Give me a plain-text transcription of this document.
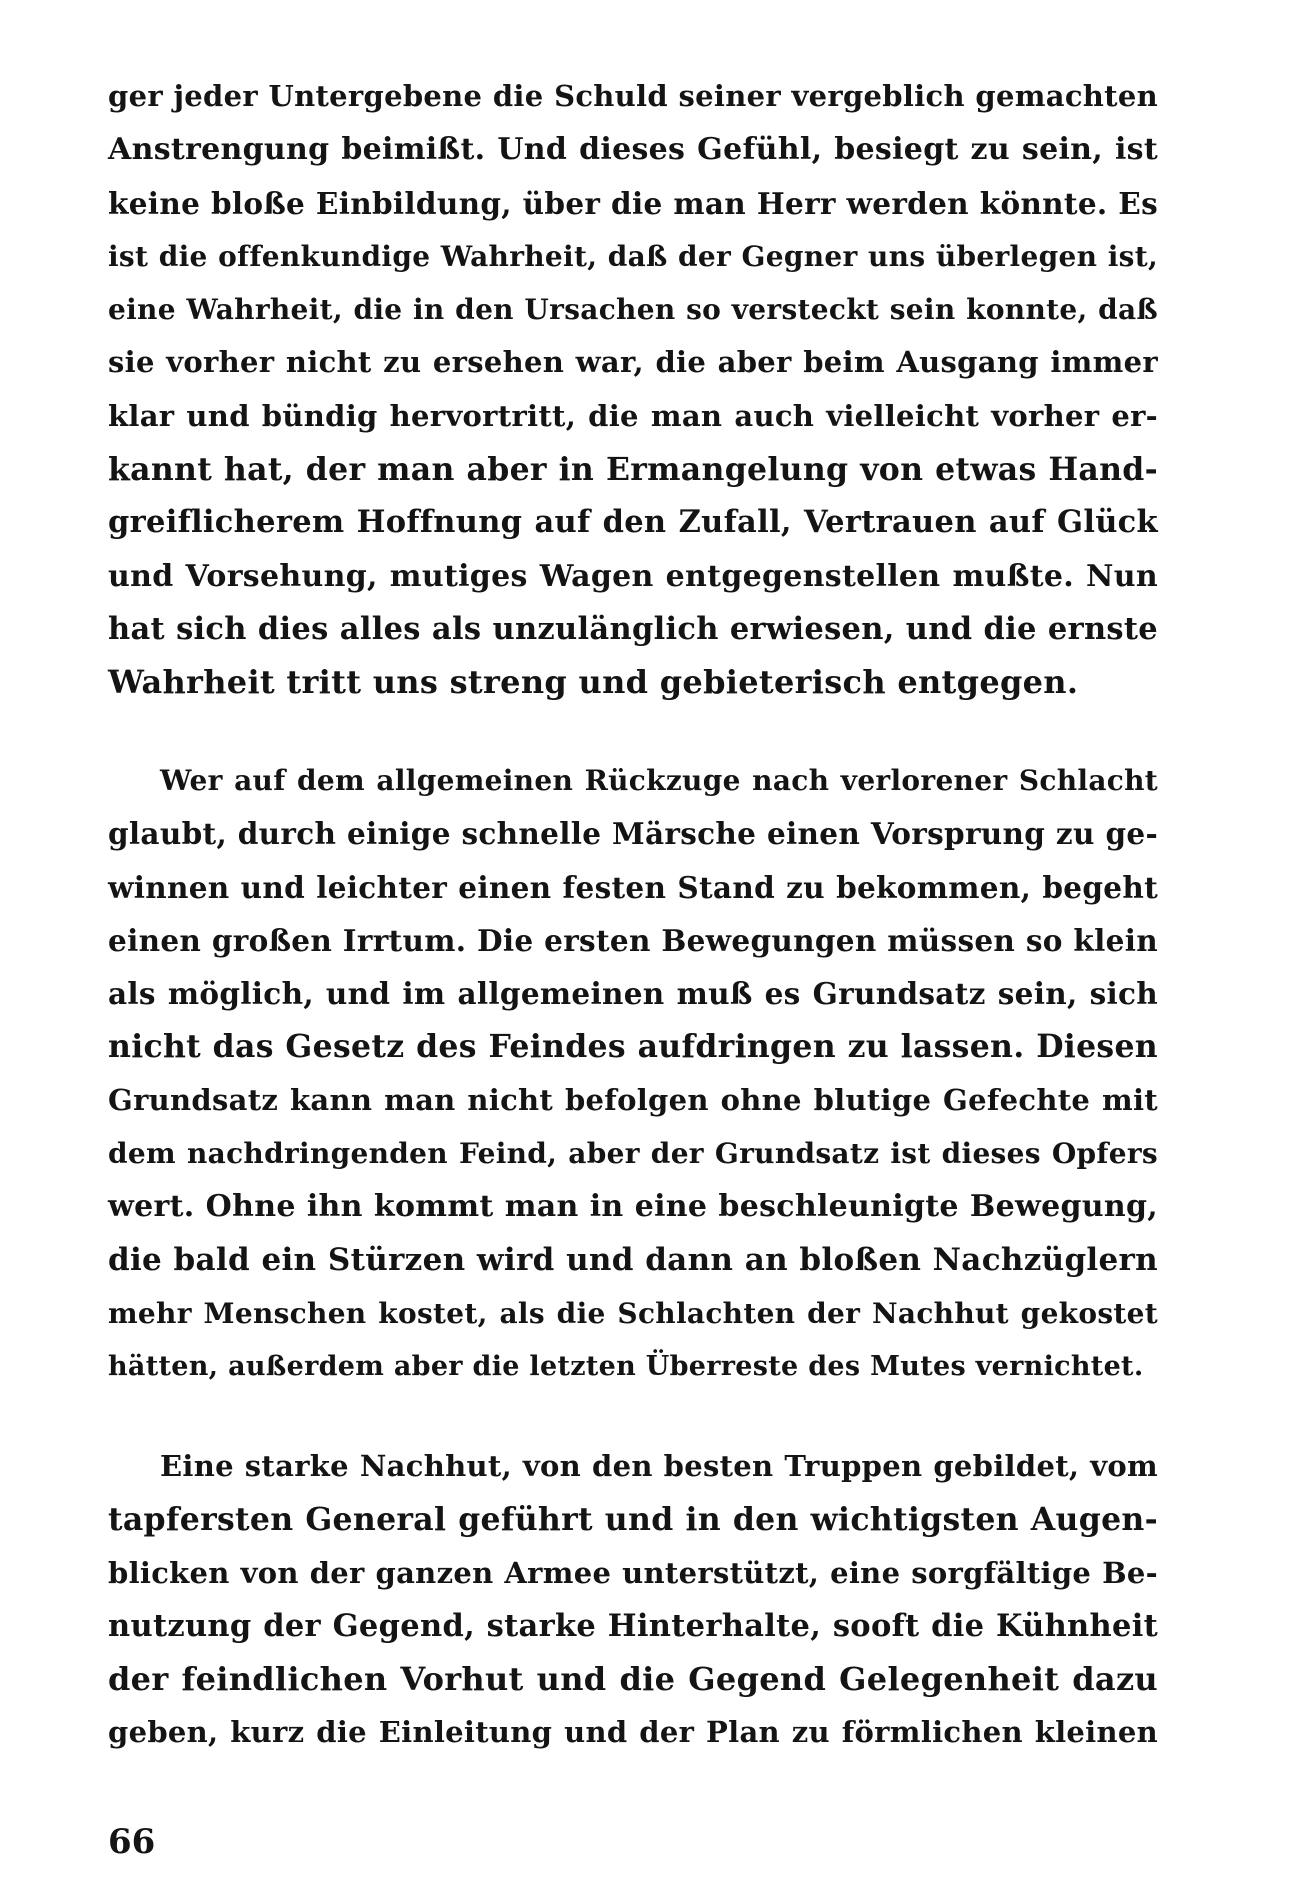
ger jeder Untergebene die Schuld seiner vergeblich gemachten
Anstrengung beimißt. Und dieses Gefühl, besiegt zu sein, ist
keine bloße Einbildung, über die man Herr werden könnte. Es
ist die offenkundige Wahrheit, daß der Gegner uns überlegen ist,
eine Wahrheit, die in den Ursachen so versteckt sein konnte, daß
sie vorher nicht zu ersehen war, die aber beim Ausgang immer
klar und bündig hervortritt, die man auch vielleicht vorher er-
kannt hat, der man aber in Ermangelung von etwas Hand-
greiflicherem Hoffnung auf den Zufall, Vertrauen auf Glück
und Vorsehung, mutiges Wagen entgegenstellen mußte. Nun
hat sich dies alles als unzulänglich erwiesen, und die ernste
Wahrheit tritt uns streng und gebieterisch entgegen.
Wer auf dem allgemeinen Rückzuge nach verlorener Schlacht
glaubt, durch einige schnelle Märsche einen Vorsprung zu ge-
winnen und leichter einen festen Stand zu bekommen, begeht
einen großen Irrtum. Die ersten Bewegungen müssen so klein
als möglich, und im allgemeinen muß es Grundsatz sein, sich
nicht das Gesetz des Feindes aufdringen zu lassen. Diesen
Grundsatz kann man nicht befolgen ohne blutige Gefechte mit
dem nachdringenden Feind, aber der Grundsatz ist dieses Opfers
wert. Ohne ihn kommt man in eine beschleunigte Bewegung,
die bald ein Stürzen wird und dann an bloßen Nachzüglern
mehr Menschen kostet, als die Schlachten der Nachhut gekostet
hätten, außerdem aber die letzten Überreste des Mutes vernichtet.
Eine starke Nachhut, von den besten Truppen gebildet, vom
tapfersten General geführt und in den wichtigsten Augen-
blicken von der ganzen Armee unterstützt, eine sorgfältige Be-
nutzung der Gegend, starke Hinterhalte, sooft die Kühnheit
der feindlichen Vorhut und die Gegend Gelegenheit dazu
geben, kurz die Einleitung und der Plan zu förmlichen kleinen
66
